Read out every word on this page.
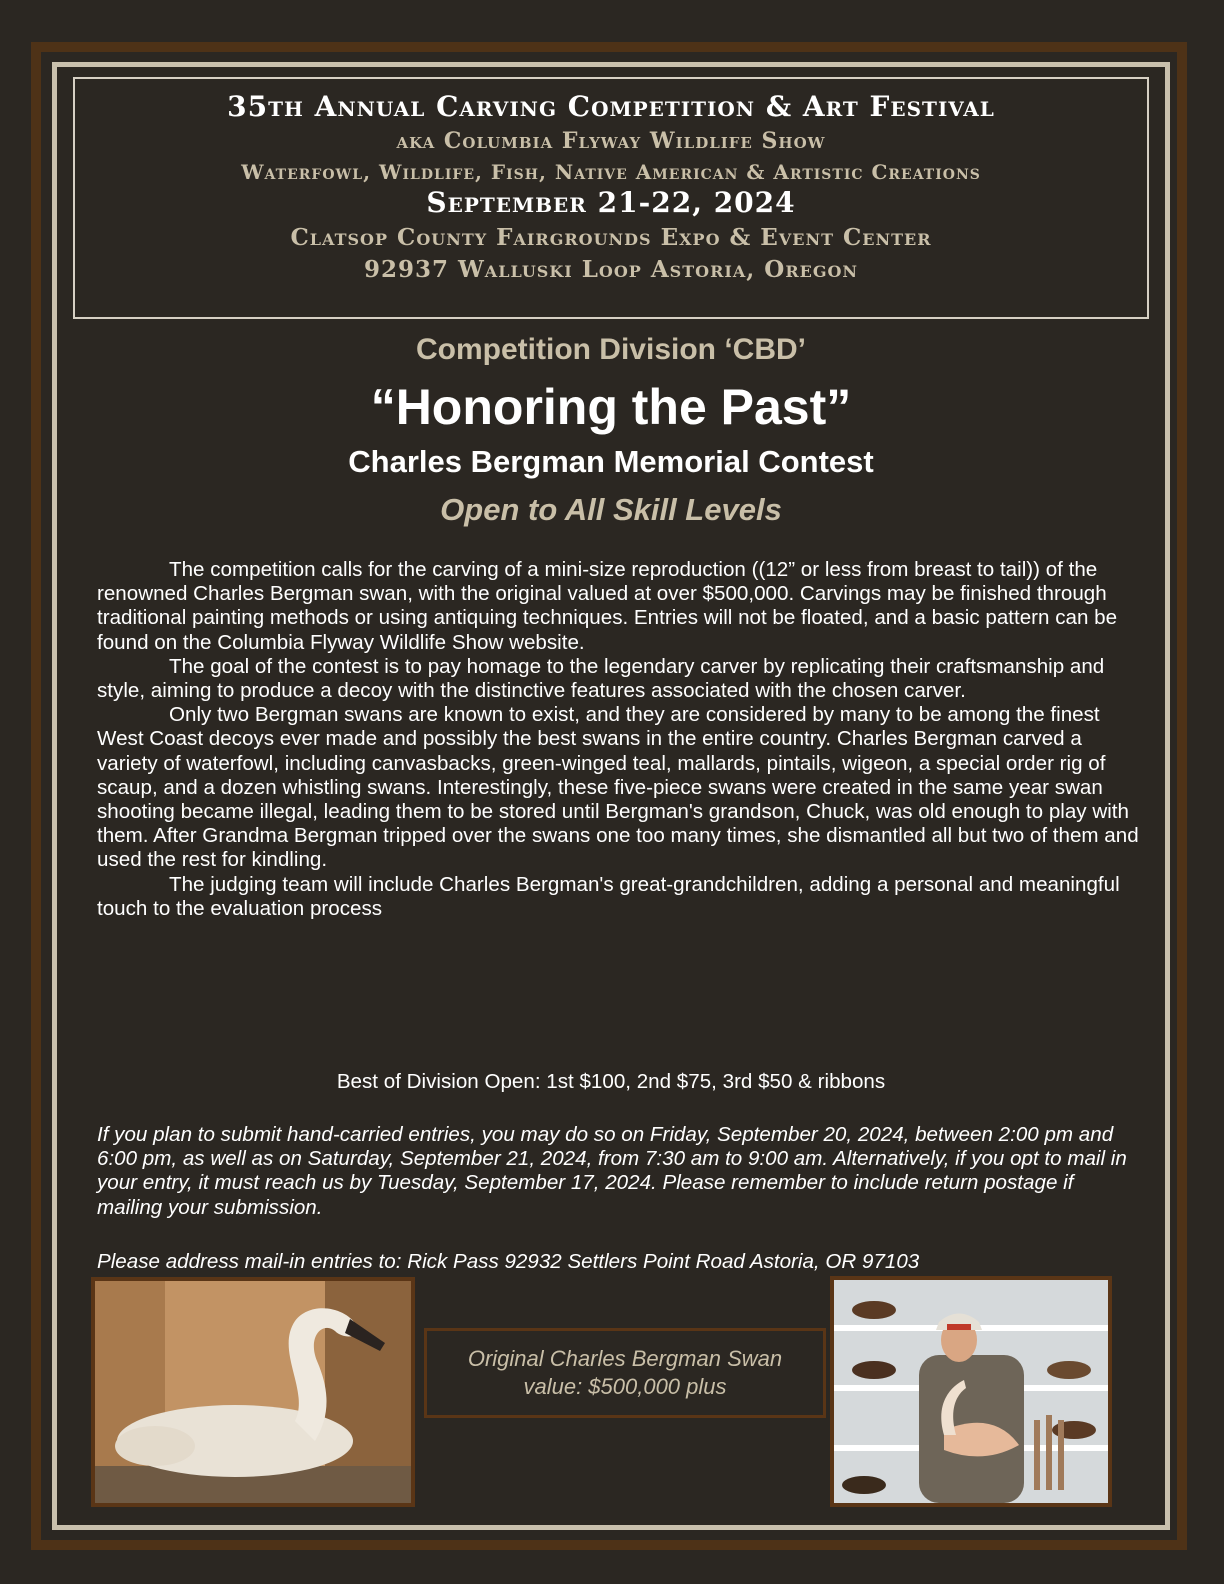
35th Annual Carving Competition & Art Festival
aka Columbia Flyway Wildlife Show
Waterfowl, Wildlife, Fish, Native American & Artistic Creations
September 21-22, 2024
Clatsop County Fairgrounds Expo & Event Center
92937 Walluski Loop Astoria, Oregon
Competition Division ‘CBD’
“Honoring the Past”
Charles Bergman Memorial Contest
Open to All Skill Levels

The competition calls for the carving of a mini-size reproduction ((12” or less from breast to tail)) of the renowned Charles Bergman swan, with the original valued at over $500,000. Carvings may be finished through traditional painting methods or using antiquing techniques. Entries will not be floated, and a basic pattern can be found on the Columbia Flyway Wildlife Show website.

The goal of the contest is to pay homage to the legendary carver by replicating their craftsmanship and style, aiming to produce a decoy with the distinctive features associated with the chosen carver.

Only two Bergman swans are known to exist, and they are considered by many to be among the finest West Coast decoys ever made and possibly the best swans in the entire country. Charles Bergman carved a variety of waterfowl, including canvasbacks, green-winged teal, mallards, pintails, wigeon, a special order rig of scaup, and a dozen whistling swans. Interestingly, these five-piece swans were created in the same year swan shooting became illegal, leading them to be stored until Bergman's grandson, Chuck, was old enough to play with them. After Grandma Bergman tripped over the swans one too many times, she dismantled all but two of them and used the rest for kindling.

The judging team will include Charles Bergman's great-grandchildren, adding a personal and meaningful touch to the evaluation process

Best of Division Open: 1st $100, 2nd $75, 3rd $50 & ribbons
If you plan to submit hand-carried entries, you may do so on Friday, September 20, 2024, between 2:00 pm and 6:00 pm, as well as on Saturday, September 21, 2024, from 7:30 am to 9:00 am. Alternatively, if you opt to mail in your entry, it must reach us by Tuesday, September 17, 2024. Please remember to include return postage if mailing your submission.
Please address mail-in entries to: Rick Pass 92932 Settlers Point Road Astoria, OR 97103
Original Charles Bergman Swan
value: $500,000 plus
